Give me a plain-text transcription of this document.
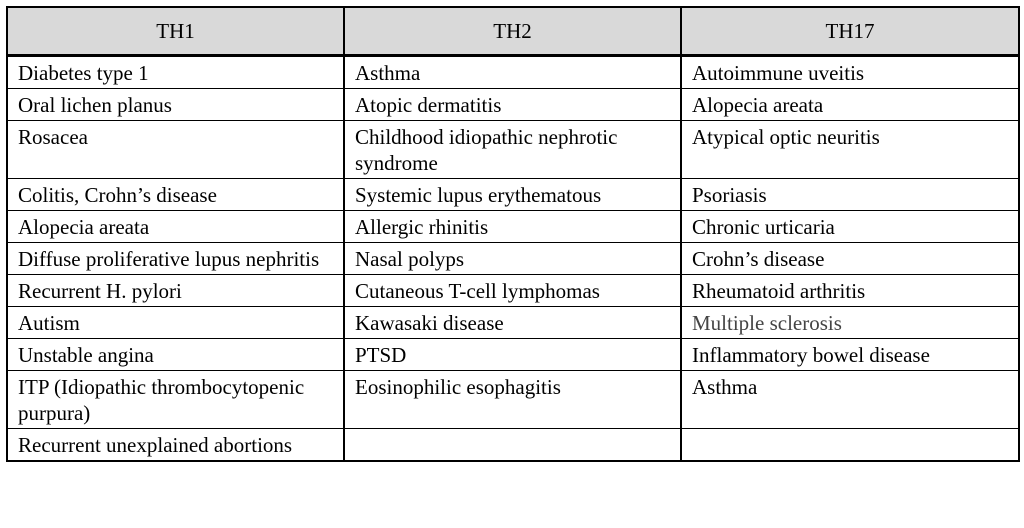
TH1	TH2	TH17
Diabetes type 1	Asthma	Autoimmune uveitis
Oral lichen planus	Atopic dermatitis	Alopecia areata
Rosacea	Childhood idiopathic nephrotic syndrome	Atypical optic neuritis
Colitis, Crohn’s disease	Systemic lupus erythematous	Psoriasis
Alopecia areata	Allergic rhinitis	Chronic urticaria
Diffuse proliferative lupus nephritis	Nasal polyps	Crohn’s disease
Recurrent H. pylori	Cutaneous T-cell lymphomas	Rheumatoid arthritis
Autism	Kawasaki disease	Multiple sclerosis
Unstable angina	PTSD	Inflammatory bowel disease
ITP (Idiopathic thrombocytopenic purpura)	Eosinophilic esophagitis	Asthma
Recurrent unexplained abortions		
